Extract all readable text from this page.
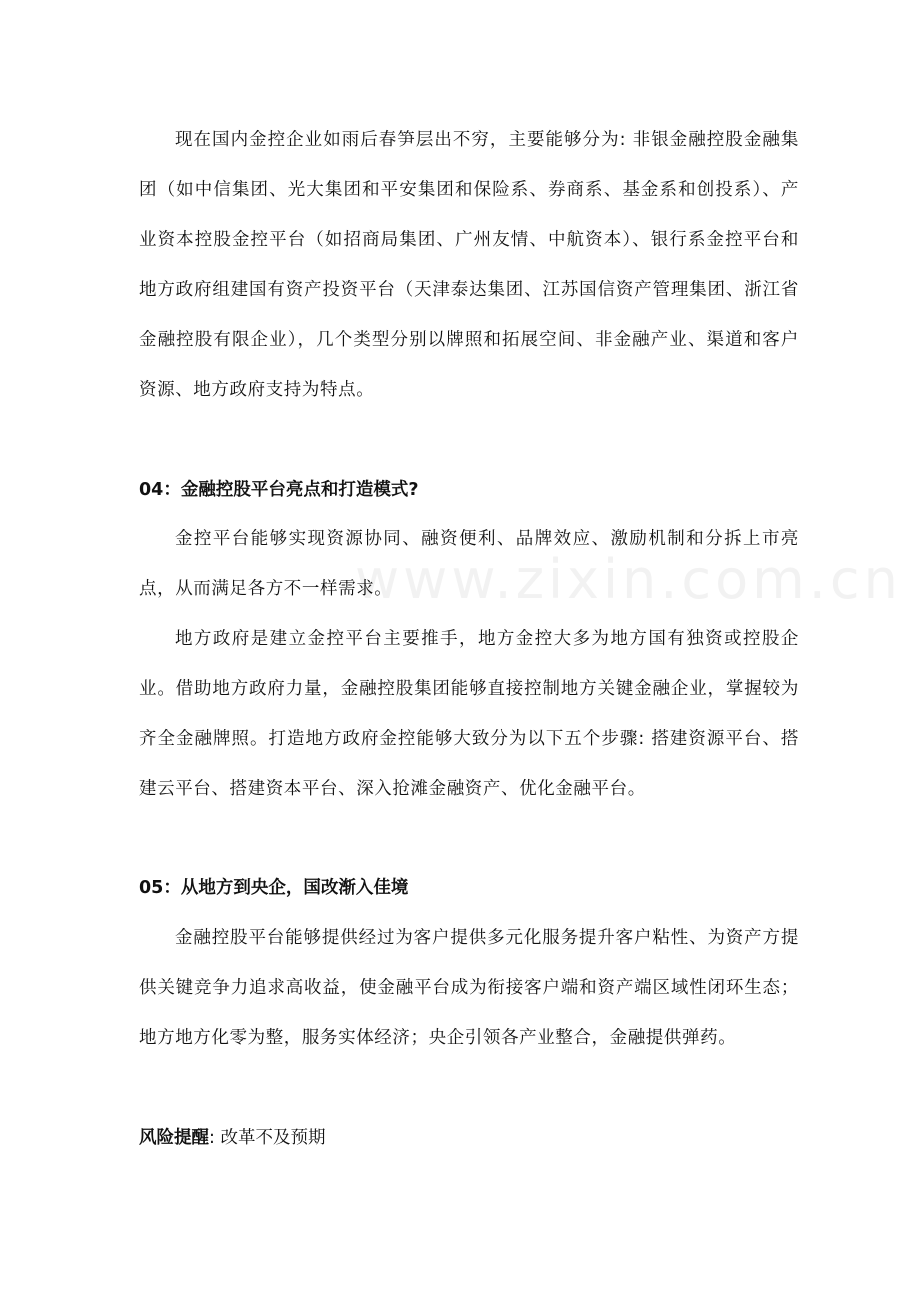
www.zixin.com.cn

现在国内金控企业如雨后春笋层出不穷，主要能够分为: 非银金融控股金融集团（如中信集团、光大集团和平安集团和保险系、券商系、基金系和创投系）、产业资本控股金控平台（如招商局集团、广州友情、中航资本）、银行系金控平台和地方政府组建国有资产投资平台（天津泰达集团、江苏国信资产管理集团、浙江省金融控股有限企业），几个类型分别以牌照和拓展空间、非金融产业、渠道和客户资源、地方政府支持为特点。

04：金融控股平台亮点和打造模式?

金控平台能够实现资源协同、融资便利、品牌效应、激励机制和分拆上市亮点，从而满足各方不一样需求。

地方政府是建立金控平台主要推手，地方金控大多为地方国有独资或控股企业。借助地方政府力量，金融控股集团能够直接控制地方关键金融企业，掌握较为齐全金融牌照。打造地方政府金控能够大致分为以下五个步骤: 搭建资源平台、搭建云平台、搭建资本平台、深入抢滩金融资产、优化金融平台。

05：从地方到央企，国改渐入佳境

金融控股平台能够提供经过为客户提供多元化服务提升客户粘性、为资产方提供关键竞争力追求高收益，使金融平台成为衔接客户端和资产端区域性闭环生态；地方地方化零为整，服务实体经济；央企引领各产业整合，金融提供弹药。

风险提醒: 改革不及预期
